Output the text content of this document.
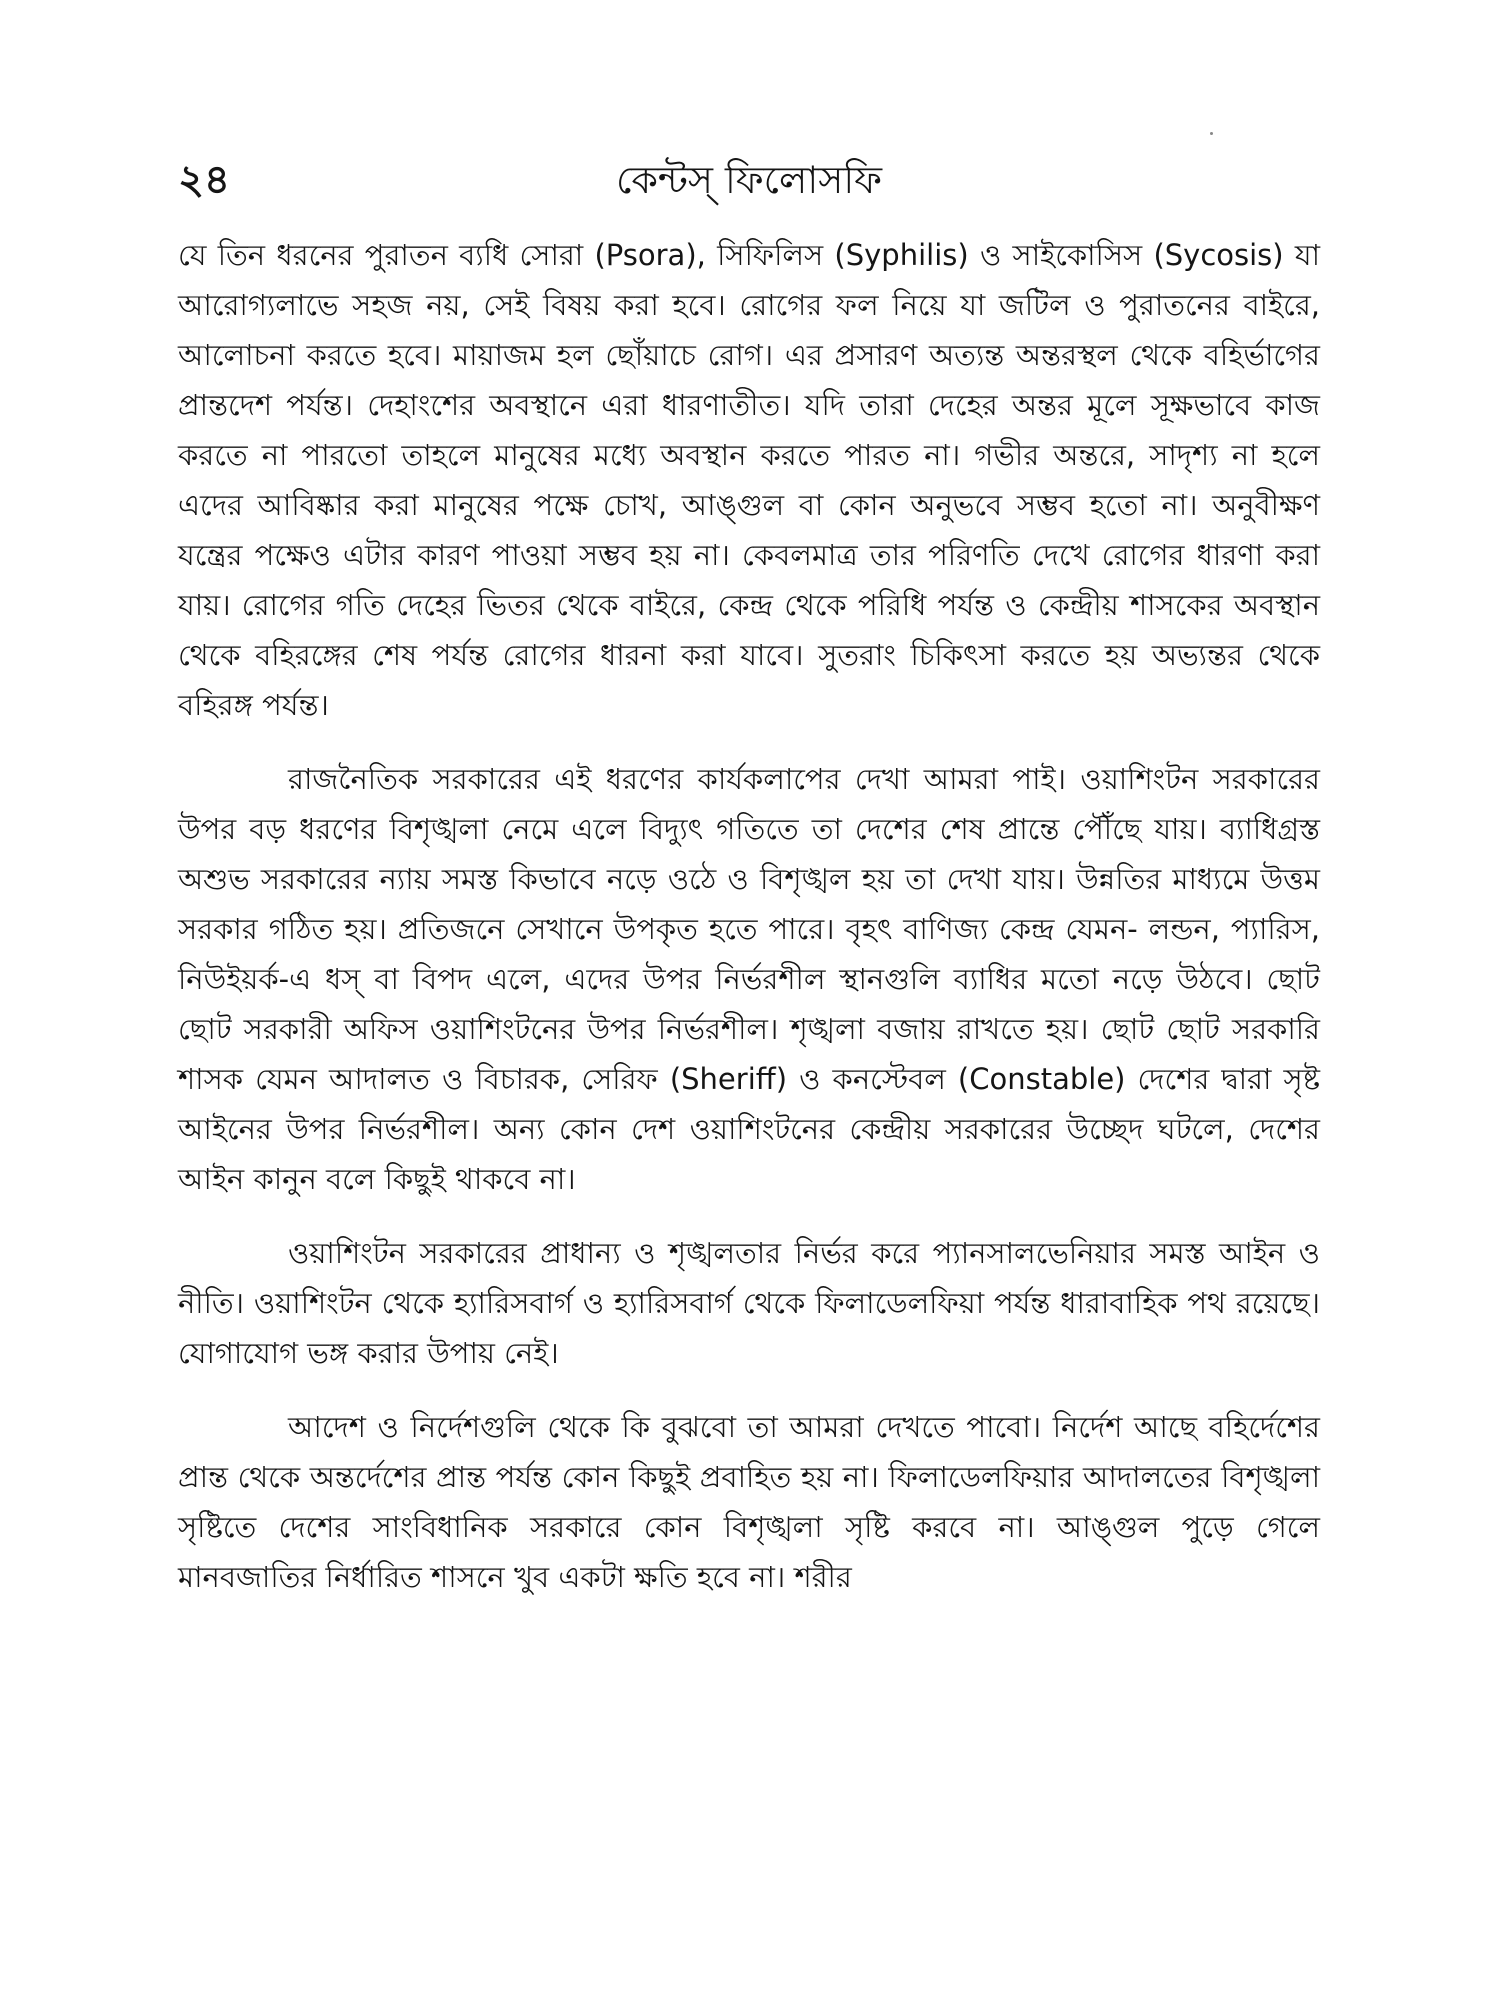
২৪	কেন্টস্ ফিলোসফি

যে তিন ধরনের পুরাতন ব্যধি সোরা (Psora), সিফিলিস (Syphilis) ও সাইকোসিস (Sycosis) যা আরোগ্যলাভে সহজ নয়, সেই বিষয় করা হবে। রোগের ফল নিয়ে যা জটিল ও পুরাতনের বাইরে, আলোচনা করতে হবে। মায়াজম হল ছোঁয়াচে রোগ। এর প্রসারণ অত্যন্ত অন্তরস্থল থেকে বহির্ভাগের প্রান্তদেশ পর্যন্ত। দেহাংশের অবস্থানে এরা ধারণাতীত। যদি তারা দেহের অন্তর মূলে সূক্ষভাবে কাজ করতে না পারতো তাহলে মানুষের মধ্যে অবস্থান করতে পারত না। গভীর অন্তরে, সাদৃশ্য না হলে এদের আবিষ্কার করা মানুষের পক্ষে চোখ, আঙ্গুল বা কোন অনুভবে সম্ভব হতো না। অনুবীক্ষণ যন্ত্রের পক্ষেও এটার কারণ পাওয়া সম্ভব হয় না। কেবলমাত্র তার পরিণতি দেখে রোগের ধারণা করা যায়। রোগের গতি দেহের ভিতর থেকে বাইরে, কেন্দ্র থেকে পরিধি পর্যন্ত ও কেন্দ্রীয় শাসকের অবস্থান থেকে বহিরঙ্গের শেষ পর্যন্ত রোগের ধারনা করা যাবে। সুতরাং চিকিৎসা করতে হয় অভ্যন্তর থেকে বহিরঙ্গ পর্যন্ত।

রাজনৈতিক সরকারের এই ধরণের কার্যকলাপের দেখা আমরা পাই। ওয়াশিংটন সরকারের উপর বড় ধরণের বিশৃঙ্খলা নেমে এলে বিদ্যুৎ গতিতে তা দেশের শেষ প্রান্তে পৌঁছে যায়। ব্যাধিগ্রস্ত অশুভ সরকারের ন্যায় সমস্ত কিভাবে নড়ে ওঠে ও বিশৃঙ্খল হয় তা দেখা যায়। উন্নতির মাধ্যমে উত্তম সরকার গঠিত হয়। প্রতিজনে সেখানে উপকৃত হতে পারে। বৃহৎ বাণিজ্য কেন্দ্র যেমন- লন্ডন, প্যারিস, নিউইয়র্ক-এ ধস্ বা বিপদ এলে, এদের উপর নির্ভরশীল স্থানগুলি ব্যাধির মতো নড়ে উঠবে। ছোট ছোট সরকারী অফিস ওয়াশিংটনের উপর নির্ভরশীল। শৃঙ্খলা বজায় রাখতে হয়। ছোট ছোট সরকারি শাসক যেমন আদালত ও বিচারক, সেরিফ (Sheriff) ও কনস্টেবল (Constable) দেশের দ্বারা সৃষ্ট আইনের উপর নির্ভরশীল। অন্য কোন দেশ ওয়াশিংটনের কেন্দ্রীয় সরকারের উচ্ছেদ ঘটলে, দেশের আইন কানুন বলে কিছুই থাকবে না।

ওয়াশিংটন সরকারের প্রাধান্য ও শৃঙ্খলতার নির্ভর করে প্যানসালভেনিয়ার সমস্ত আইন ও নীতি। ওয়াশিংটন থেকে হ্যারিসবার্গ ও হ্যারিসবার্গ থেকে ফিলাডেলফিয়া পর্যন্ত ধারাবাহিক পথ রয়েছে। যোগাযোগ ভঙ্গ করার উপায় নেই।

আদেশ ও নির্দেশগুলি থেকে কি বুঝবো তা আমরা দেখতে পাবো। নির্দেশ আছে বহির্দেশের প্রান্ত থেকে অন্তর্দেশের প্রান্ত পর্যন্ত কোন কিছুই প্রবাহিত হয় না। ফিলাডেলফিয়ার আদালতের বিশৃঙ্খলা সৃষ্টিতে দেশের সাংবিধানিক সরকারে কোন বিশৃঙ্খলা সৃষ্টি করবে না। আঙ্গুল পুড়ে গেলে মানবজাতির নির্ধারিত শাসনে খুব একটা ক্ষতি হবে না। শরীর
